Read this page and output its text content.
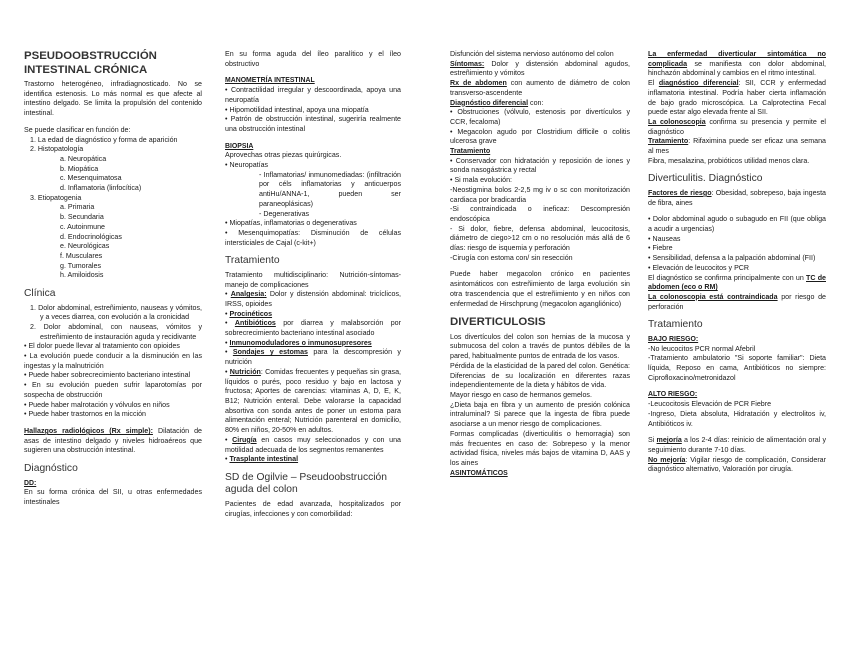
PSEUDOOBSTRUCCIÓN INTESTINAL CRÓNICA

Trastorno heterogéneo, infradiagnosticado. No se identifica estenosis. Lo más normal es que afecte al intestino delgado. Se limita la propulsión del contenido intestinal.

Se puede clasificar en función de:

1. La edad de diagnóstico y forma de aparición
2. Histopatología
a. Neuropática
b. Miopática
c. Mesenquimatosa
d. Inflamatoria (linfocítica)
3. Etiopatogenia
a. Primaria
b. Secundaria
c. Autoinmune
d. Endocrinológicas
e. Neurológicas
f. Musculares
g. Tumorales
h. Amiloidosis
Clínica
1. Dolor abdominal, estreñimiento, nauseas y vómitos, y a veces diarrea, con evolución a la cronicidad
2. Dolor abdominal, con nauseas, vómitos y estreñimiento de instauración aguda y recidivante

• El dolor puede llevar al tratamiento con opioides

• La evolución puede conducir a la disminución en las ingestas y la malnutrición

• Puede haber sobrecrecimiento bacteriano intestinal

• En su evolución pueden sufrir laparotomías por sospecha de obstrucción

• Puede haber malrotación y vólvulos en niños

• Puede haber trastornos en la micción

Hallazgos radiológicos (Rx simple): Dilatación de asas de intestino delgado y niveles hidroaéreos que sugieren una obstrucción intestinal.

Diagnóstico

DD:

En su forma crónica del SII, u otras enfermedades intestinales

En su forma aguda del íleo paralítico y el íleo obstructivo

MANOMETRÍA INTESTINAL

• Contractilidad irregular y descoordinada, apoya una neuropatía

• Hipomotilidad intestinal, apoya una miopatía

• Patrón de obstrucción intestinal, sugeriría realmente una obstrucción intestinal

BIOPSIA

Aprovechas otras piezas quirúrgicas.

• Neuropatías

- Inflamatorias/ inmunomediadas: (infiltración por céls inflamatorias y anticuerpos antiHu/ANNA-1, pueden ser paraneoplásicas)

- Degenerativas

• Miopatías, inflamatorias o degenerativas

• Mesenquimopatías: Disminución de células intersticiales de Cajal (c-kit+)

Tratamiento

Tratamiento multidisciplinario: Nutrición-síntomas-manejo de complicaciones

• Analgesia: Dolor y distensión abdominal: tricíclicos, IRSS, opioides

• Procinéticos

• Antibióticos por diarrea y malabsorción por sobrecrecimiento bacteriano intestinal asociado

• Inmunomoduladores o inmunosupresores

• Sondajes y estomas para la descompresión y nutrición

• Nutrición: Comidas frecuentes y pequeñas sin grasa, líquidos o purés, poco residuo y bajo en lactosa y fructosa; Aportes de carencias: vitaminas A, D, E, K, B12; Nutrición enteral. Debe valorarse la capacidad absortiva con sonda antes de poner un estoma para alimentación enteral; Nutrición parenteral en domicilio, 80% en niños, 20-50% en adultos.

• Cirugía en casos muy seleccionados y con una motilidad adecuada de los segmentos remanentes

• Trasplante intestinal

SD de Ogilvie – Pseudoobstrucción aguda del colon

Pacientes de edad avanzada, hospitalizados por cirugías, infecciones y con comorbilidad:

Disfunción del sistema nervioso autónomo del colon

Síntomas: Dolor y distensión abdominal agudos, estreñimiento y vómitos

Rx de abdomen con aumento de diámetro de colon transverso-ascendente

Diagnóstico diferencial con:

• Obstruciones (vólvulo, estenosis por divertículos y CCR, fecaloma)

• Megacolon agudo por Clostridium difficile o colitis ulcerosa grave

Tratamiento

• Conservador con hidratación y reposición de iones y sonda nasogástrica y rectal

• Si mala evolución:

-Neostigmina bolos 2-2,5 mg iv o sc con monitorización cardiaca por bradicardia

-Si contraindicada o ineficaz: Descompresión endoscópica

- Si dolor, fiebre, defensa abdominal, leucocitosis, diámetro de ciego>12 cm o no resolución más allá de 6 días: riesgo de isquemia y perforación

-Cirugía con estoma con/ sin resección

Puede haber megacolon crónico en pacientes asintomáticos con estreñimiento de larga evolución sin otra trascendencia que el estreñimiento y en niños con enfermedad de Hirschprung (megacolon agangliónico)

DIVERTICULOSIS

Los divertículos del colon son hernias de la mucosa y submucosa del colon a través de puntos débiles de la pared, habitualmente puntos de entrada de los vasos.

Pérdida de la elasticidad de la pared del colon. Genética: Diferencias de su localización en diferentes razas independientemente de la dieta y hábitos de vida.

Mayor riesgo en caso de hermanos gemelos.

¿Dieta baja en fibra y un aumento de presión colónica intraluminal? Si parece que la ingesta de fibra puede asociarse a un menor riesgo de complicaciones.

Formas complicadas (diverticulitis o hemorragia) son más frecuentes en caso de: Sobrepeso y la menor actividad física, niveles más bajos de vitamina D, AAS y los aines

ASINTOMÁTICOS

La enfermedad diverticular sintomática no complicada se manifiesta con dolor abdominal, hinchazón abdominal y cambios en el ritmo intestinal.

El diagnóstico diferencial: SII, CCR y enfermedad inflamatoria intestinal. Podría haber cierta inflamación de bajo grado microscópica. La Calprotectina Fecal puede estar algo elevada frente al SII.

La colonoscopia confirma su presencia y permite el diagnóstico

Tratamiento: Rifaximina puede ser eficaz una semana al mes

Fibra, mesalazina, probióticos utilidad menos clara.

Diverticulitis. Diagnóstico

Factores de riesgo: Obesidad, sobrepeso, baja ingesta de fibra, aines

• Dolor abdominal agudo o subagudo en FII (que obliga a acudir a urgencias)

• Nauseas

• Fiebre

• Sensibilidad, defensa a la palpación abdominal (FII)

• Elevación de leucocitos y PCR

El diagnóstico se confirma principalmente con un TC de abdomen (eco o RM)

La colonoscopia está contraindicada por riesgo de perforación

Tratamiento

BAJO RIESGO:

-No leucocitos PCR normal Afebril

-Tratamiento ambulatorio "Si soporte familiar": Dieta líquida, Reposo en cama, Antibióticos no siempre: Ciprofloxacino/metronidazol

ALTO RIESGO:

-Leucocitosis Elevación de PCR Fiebre

-Ingreso, Dieta absoluta, Hidratación y electrolitos iv, Antibióticos iv.

Si mejoría a los 2-4 días: reinicio de alimentación oral y seguimiento durante 7-10 días.

No mejoría: Vigilar riesgo de complicación, Considerar diagnóstico alternativo, Valoración por cirugía.
